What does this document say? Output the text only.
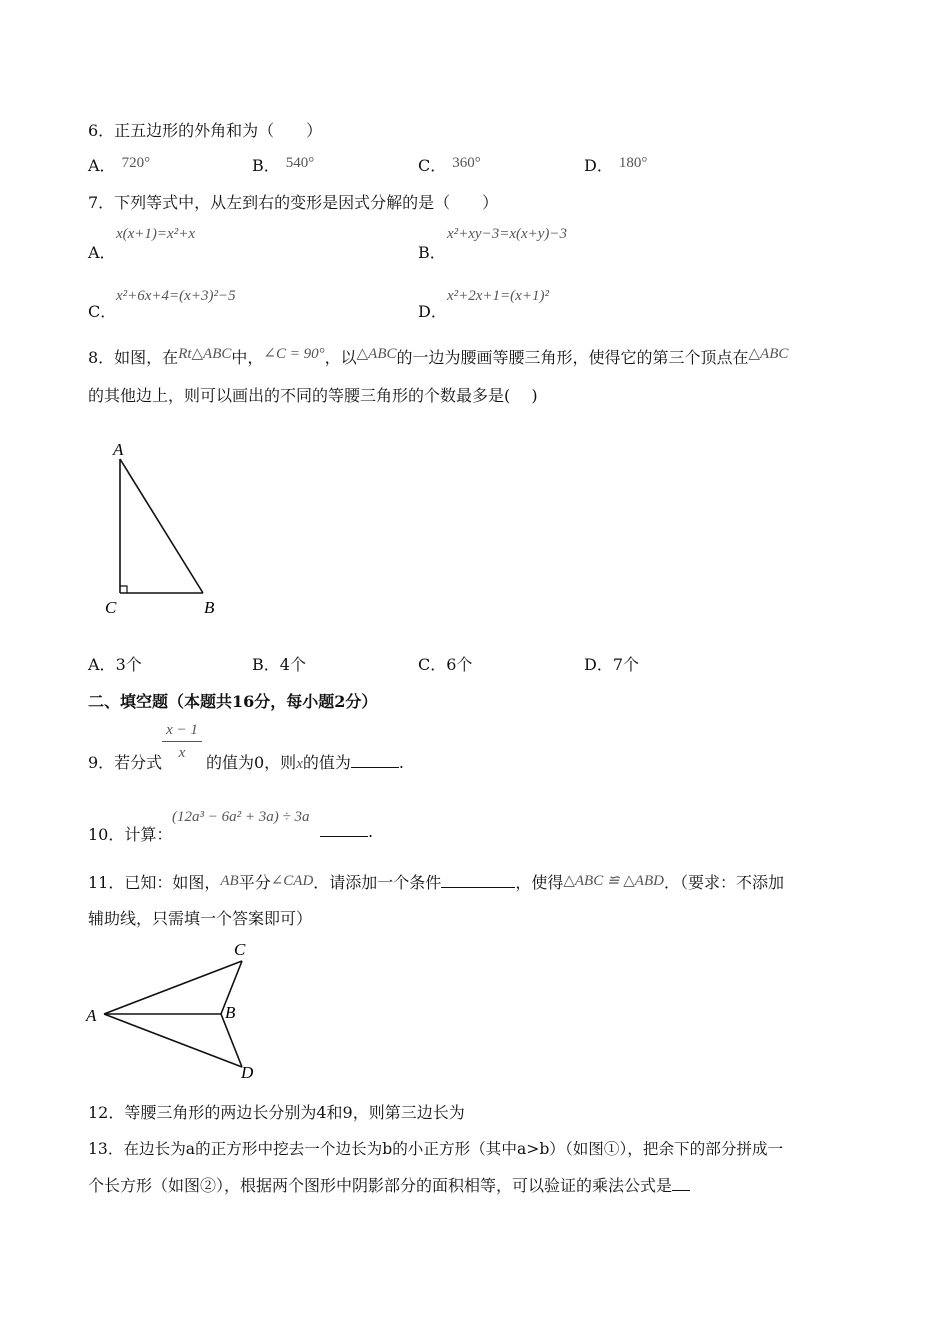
6．正五边形的外角和为（　　）
A． 720°	B． 540°	C． 360°	D． 180°
7．下列等式中，从左到右的变形是因式分解的是（　　）
A．
x(x+1)=x²+x
B．
x²+xy−3=x(x+y)−3
C．
x²+6x+4=(x+3)²−5
D．
x²+2x+1=(x+1)²
8．如图，在Rt△ABC中，∠C = 90°，以△ABC的一边为腰画等腰三角形，使得它的第三个顶点在△ABC
的其他边上，则可以画出的不同的等腰三角形的个数最多是(　 )
A
C	B
A．3个	B．4个	C．6个	D．7个
二、填空题（本题共16分，每小题2分）
9．若分式
$\frac{x - 1}{x}$
的值为0，则x的值为	.
10．计算：
(12a³ − 6a² + 3a) ÷ 3a
.
11．已知：如图，AB平分∠CAD．请添加一个条件	，使得△ABC ≌ △ABD．（要求：不添加
辅助线，只需填一个答案即可）
C
A	B
D
12．等腰三角形的两边长分别为4和9，则第三边长为
13．在边长为a的正方形中挖去一个边长为b的小正方形（其中a>b）（如图①），把余下的部分拼成一
个长方形（如图②），根据两个图形中阴影部分的面积相等，可以验证的乘法公式是
